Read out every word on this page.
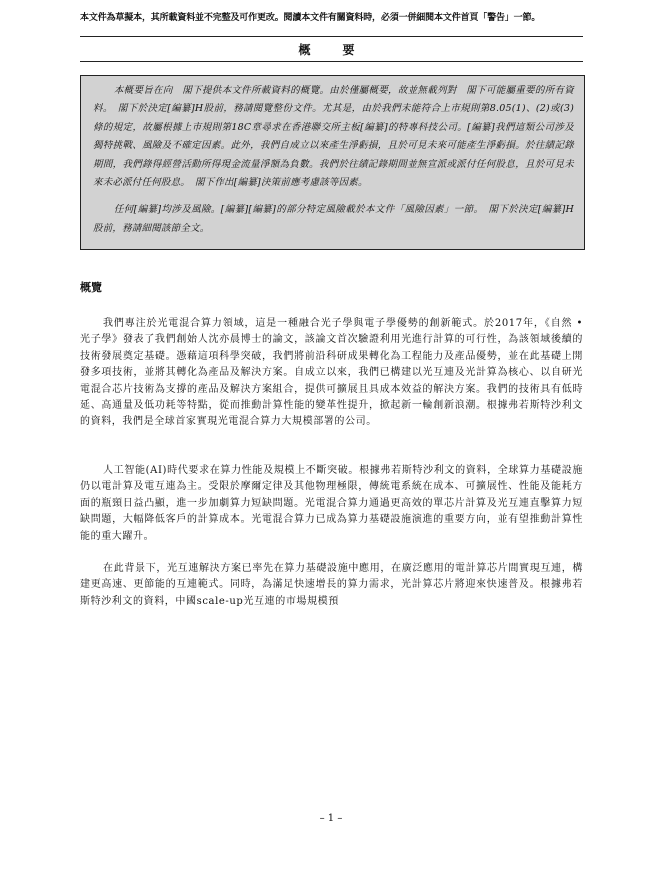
本文件為草擬本，其所載資料並不完整及可作更改。閱讀本文件有關資料時，必須一併細閱本文件首頁「警告」一節。
概　要

本概要旨在向　閣下提供本文件所載資料的概覽。由於僅屬概要，故並無載列對　閣下可能屬重要的所有資料。　閣下於決定[編纂]H股前，務請閱覽整份文件。尤其是，由於我們未能符合上市規則第8.05(1)、(2)或(3)條的規定，故屬根據上市規則第18C章尋求在香港聯交所主板[編纂]的特專科技公司。[編纂]我們這類公司涉及獨特挑戰、風險及不確定因素。此外，我們自成立以來產生淨虧損，且於可見未來可能產生淨虧損。於往績記錄期間，我們錄得經營活動所得現金流量淨額為負數。我們於往績記錄期間並無宣派或派付任何股息，且於可見未來未必派付任何股息。　閣下作出[編纂]決策前應考慮該等因素。

任何[編纂]均涉及風險。[編纂][編纂]的部分特定風險載於本文件「風險因素」一節。　閣下於決定[編纂]H股前，務請細閱該節全文。

概覽

我們專注於光電混合算力領域，這是一種融合光子學與電子學優勢的創新範式。於2017年，《自然 • 光子學》發表了我們創始人沈亦晨博士的論文，該論文首次驗證利用光進行計算的可行性，為該領域後續的技術發展奠定基礎。憑藉這項科學突破，我們將前沿科研成果轉化為工程能力及產品優勢，並在此基礎上開發多項技術，並將其轉化為產品及解決方案。自成立以來，我們已構建以光互連及光計算為核心、以自研光電混合芯片技術為支撐的產品及解決方案組合，提供可擴展且具成本效益的解決方案。我們的技術具有低時延、高通量及低功耗等特點，從而推動計算性能的變革性提升，掀起新一輪創新浪潮。根據弗若斯特沙利文的資料，我們是全球首家實現光電混合算力大規模部署的公司。

人工智能(AI)時代要求在算力性能及規模上不斷突破。根據弗若斯特沙利文的資料，全球算力基礎設施仍以電計算及電互連為主。受限於摩爾定律及其他物理極限，傳統電系統在成本、可擴展性、性能及能耗方面的瓶頸日益凸顯，進一步加劇算力短缺問題。光電混合算力通過更高效的單芯片計算及光互連直擊算力短缺問題，大幅降低客戶的計算成本。光電混合算力已成為算力基礎設施演進的重要方向，並有望推動計算性能的重大躍升。

在此背景下，光互連解決方案已率先在算力基礎設施中應用，在廣泛應用的電計算芯片間實現互連，構建更高速、更節能的互連範式。同時，為滿足快速增長的算力需求，光計算芯片將迎來快速普及。根據弗若斯特沙利文的資料，中國scale-up光互連的市場規模預

– 1 –
